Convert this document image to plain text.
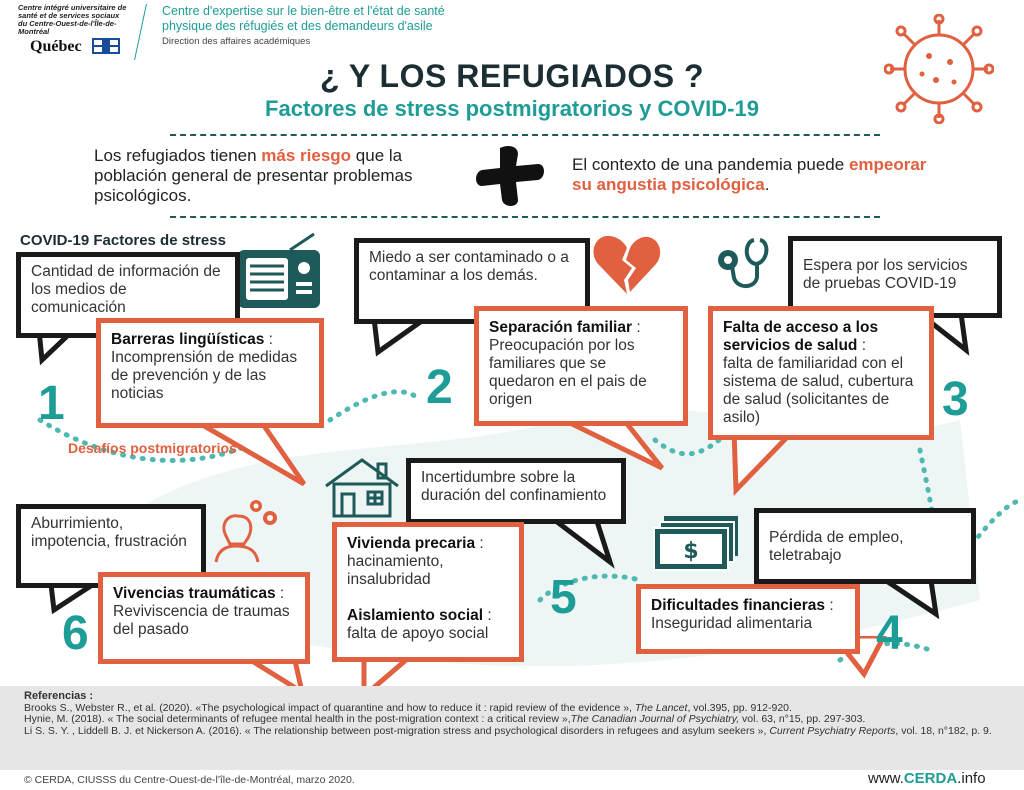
Centre intégré universitaire de santé et de services sociaux du Centre-Ouest-de-l'Île-de-Montréal
Québec
Centre d'expertise sur le bien-être et l'état de santé physique des réfugiés et des demandeurs d'asile
Direction des affaires académiques
¿ Y LOS REFUGIADOS ?
Factores de stress postmigratorios y COVID-19
Los refugiados tienen más riesgo que la población general de presentar problemas psicológicos.
El contexto de una pandemia puede empeorar su angustia psicológica.
COVID-19 Factores de stress
Desafíos postmigratorios
$
Cantidad de información de los medios de comunicación
Barreras lingüísticas :
Incomprensión de medidas de prevención y de las noticias
1
Miedo a ser contaminado o a contaminar a los demás.
Separación familiar :
Preocupación por los familiares que se quedaron en el pais de origen
2
Espera por los servicios de pruebas COVID-19
Falta de acceso a los servicios de salud :
falta de familiaridad con el sistema de salud, cubertura de salud (solicitantes de asilo)	3
Incertidumbre sobre la duración del confinamiento
Vivienda precaria :
hacinamiento, insalubridad

Aislamiento social :
falta de apoyo social
5
Pérdida de empleo, teletrabajo
Dificultades financieras :
Inseguridad alimentaria	4
Aburrimiento, impotencia, frustración
Vivencias traumáticas :
Reviviscencia de traumas del pasado
6
Referencias :
Brooks S., Webster R., et al. (2020). «The psychological impact of quarantine and how to reduce it : rapid review of the evidence », The Lancet, vol.395, pp. 912-920.
Hynie, M. (2018). « The social determinants of refugee mental health in the post-migration context : a critical review »,The Canadian Journal of Psychiatry, vol. 63, n°15, pp. 297-303.
Li S. S. Y. , Liddell B. J. et Nickerson A. (2016). « The relationship between post-migration stress and psychological disorders in refugees and asylum seekers », Current Psychiatry Reports, vol. 18, n°182, p. 9.
© CERDA, CIUSSS du Centre-Ouest-de-l'île-de-Montréal, marzo 2020.	www.CERDA.info
